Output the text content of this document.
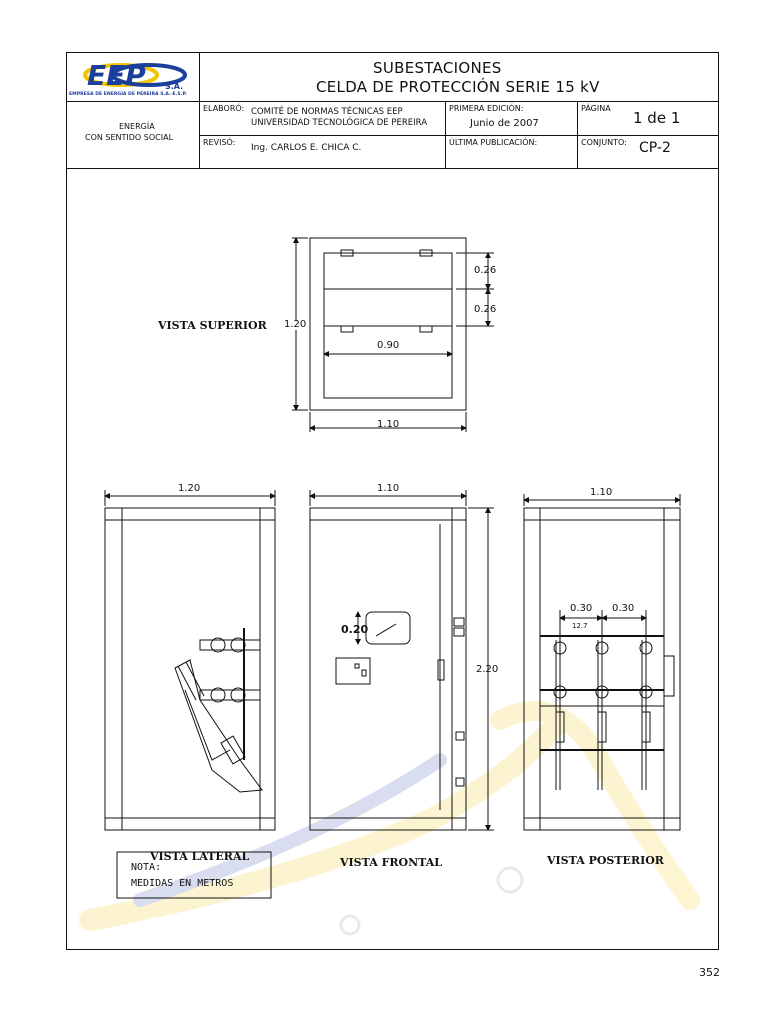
EEP S.A.
EMPRESA DE ENERGIA DE PEREIRA S.A.-E.S.P.
ENERGÍA
CON SENTIDO SOCIAL
SUBESTACIONES
CELDA DE PROTECCIÓN SERIE 15 kV
ELABORÓ: COMITÉ DE NORMAS TÉCNICAS EEP
UNIVERSIDAD TECNOLÓGICA DE PEREIRA
REVISÓ:
Ing. CARLOS E. CHICA C.
PRIMERA EDICIÓN:
Junio de 2007
ÚLTIMA PUBLICACIÓN:
PÁGINA
1 de 1
CONJUNTO: CP-2
VISTA SUPERIOR
VISTA LATERAL	VISTA FRONTAL	VISTA POSTERIOR
NOTA:
MEDIDAS EN METROS
1.20
1.10
0.90
0.26
0.26
1.20	1.10
2.20
0.20
1.10
0.30 0.30
12.7
352
